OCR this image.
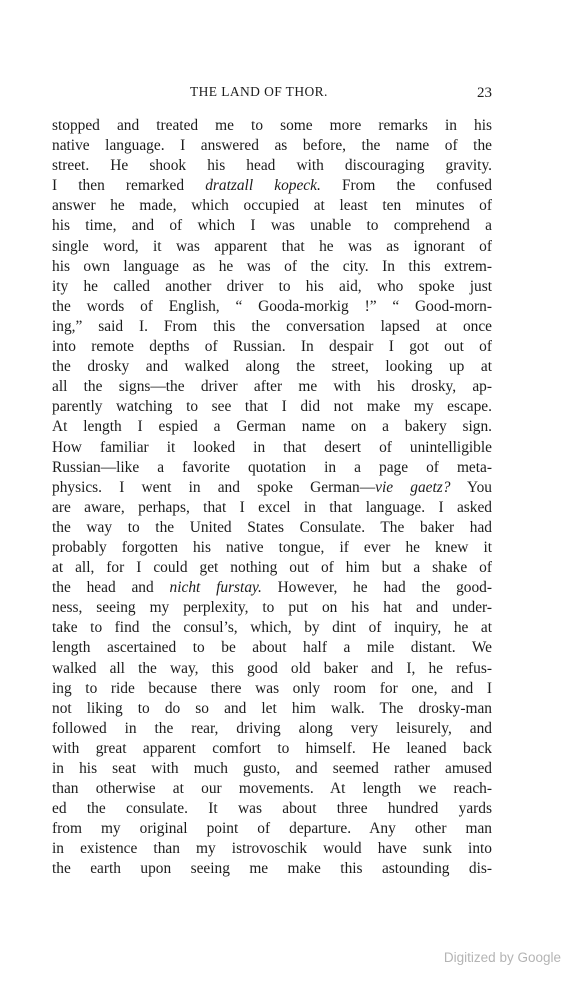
THE LAND OF THOR.	23
stopped and treated me to some more remarks in his
native language. I answered as before, the name of the
street. He shook his head with discouraging gravity.
I then remarked dratzall kopeck. From the confused
answer he made, which occupied at least ten minutes of
his time, and of which I was unable to comprehend a
single word, it was apparent that he was as ignorant of
his own language as he was of the city. In this extrem-
ity he called another driver to his aid, who spoke just
the words of English, “ Gooda-morkig !” “ Good-morn-
ing,” said I. From this the conversation lapsed at once
into remote depths of Russian. In despair I got out of
the drosky and walked along the street, looking up at
all the signs—the driver after me with his drosky, ap-
parently watching to see that I did not make my escape.
At length I espied a German name on a bakery sign.
How familiar it looked in that desert of unintelligible
Russian—like a favorite quotation in a page of meta-
physics. I went in and spoke German—vie gaetz? You
are aware, perhaps, that I excel in that language. I asked
the way to the United States Consulate. The baker had
probably forgotten his native tongue, if ever he knew it
at all, for I could get nothing out of him but a shake of
the head and nicht furstay. However, he had the good-
ness, seeing my perplexity, to put on his hat and under-
take to find the consul’s, which, by dint of inquiry, he at
length ascertained to be about half a mile distant. We
walked all the way, this good old baker and I, he refus-
ing to ride because there was only room for one, and I
not liking to do so and let him walk. The drosky-man
followed in the rear, driving along very leisurely, and
with great apparent comfort to himself. He leaned back
in his seat with much gusto, and seemed rather amused
than otherwise at our movements. At length we reach-
ed the consulate. It was about three hundred yards
from my original point of departure. Any other man
in existence than my istrovoschik would have sunk into
the earth upon seeing me make this astounding dis-
Digitized by Google
